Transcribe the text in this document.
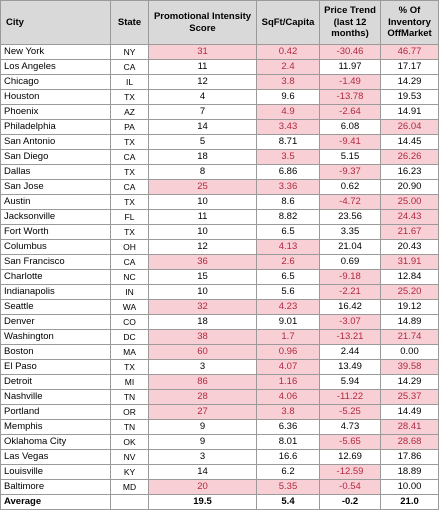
City	State	Promotional Intensity Score	SqFt/Capita	Price Trend (last 12 months)	% Of Inventory OffMarket
New York	NY	31	0.42	-30.46	46.77
Los Angeles	CA	11	2.4	11.97	17.17
Chicago	IL	12	3.8	-1.49	14.29
Houston	TX	4	9.6	-13.78	19.53
Phoenix	AZ	7	4.9	-2.64	14.91
Philadelphia	PA	14	3.43	6.08	26.04
San Antonio	TX	5	8.71	-9.41	14.45
San Diego	CA	18	3.5	5.15	26.26
Dallas	TX	8	6.86	-9.37	16.23
San Jose	CA	25	3.36	0.62	20.90
Austin	TX	10	8.6	-4.72	25.00
Jacksonville	FL	11	8.82	23.56	24.43
Fort Worth	TX	10	6.5	3.35	21.67
Columbus	OH	12	4.13	21.04	20.43
San Francisco	CA	36	2.6	0.69	31.91
Charlotte	NC	15	6.5	-9.18	12.84
Indianapolis	IN	10	5.6	-2.21	25.20
Seattle	WA	32	4.23	16.42	19.12
Denver	CO	18	9.01	-3.07	14.89
Washington	DC	38	1.7	-13.21	21.74
Boston	MA	60	0.96	2.44	0.00
El Paso	TX	3	4.07	13.49	39.58
Detroit	MI	86	1.16	5.94	14.29
Nashville	TN	28	4.06	-11.22	25.37
Portland	OR	27	3.8	-5.25	14.49
Memphis	TN	9	6.36	4.73	28.41
Oklahoma City	OK	9	8.01	-5.65	28.68
Las Vegas	NV	3	16.6	12.69	17.86
Louisville	KY	14	6.2	-12.59	18.89
Baltimore	MD	20	5.35	-0.54	10.00
Average		19.5	5.4	-0.2	21.0
